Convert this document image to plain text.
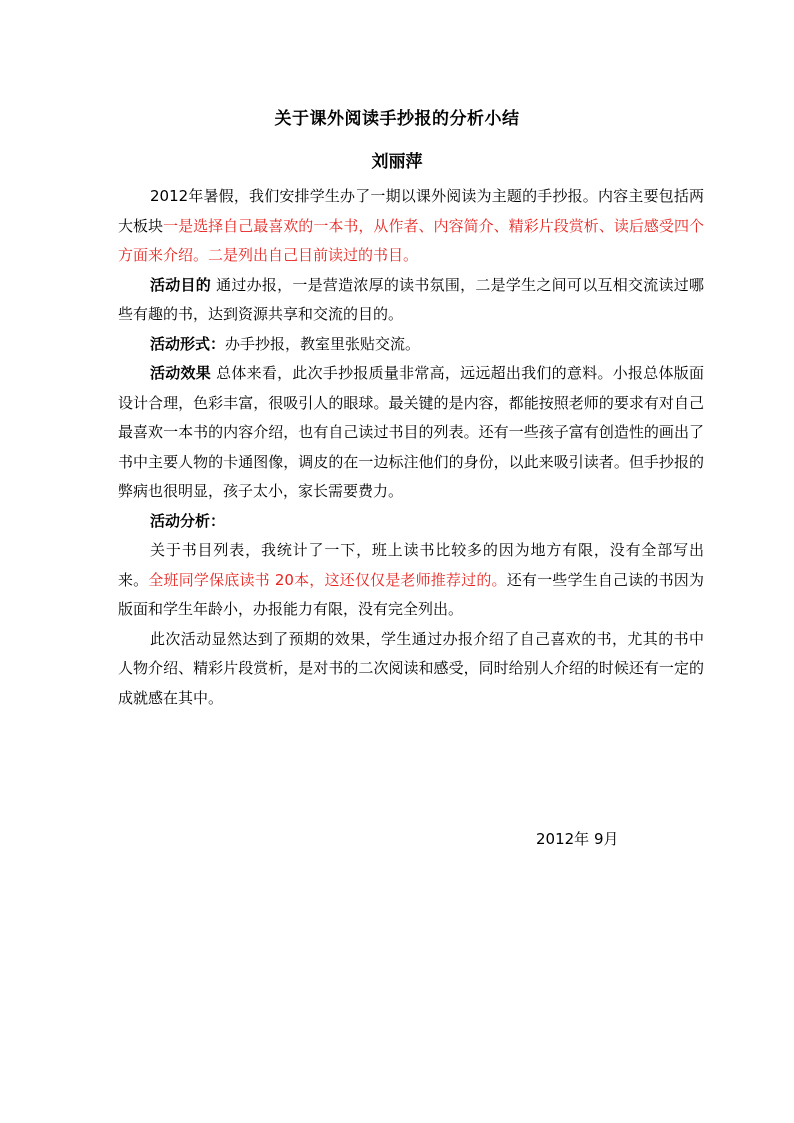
关于课外阅读手抄报的分析小结
刘丽萍

2012年暑假，我们安排学生办了一期以课外阅读为主题的手抄报。内容主要包括两大板块一是选择自己最喜欢的一本书，从作者、内容简介、精彩片段赏析、读后感受四个方面来介绍。二是列出自己目前读过的书目。

活动目的 通过办报，一是营造浓厚的读书氛围，二是学生之间可以互相交流读过哪些有趣的书，达到资源共享和交流的目的。

活动形式：办手抄报，教室里张贴交流。

活动效果 总体来看，此次手抄报质量非常高，远远超出我们的意料。小报总体版面设计合理，色彩丰富，很吸引人的眼球。最关键的是内容，都能按照老师的要求有对自己最喜欢一本书的内容介绍，也有自己读过书目的列表。还有一些孩子富有创造性的画出了书中主要人物的卡通图像，调皮的在一边标注他们的身份，以此来吸引读者。但手抄报的弊病也很明显，孩子太小，家长需要费力。

活动分析：

关于书目列表，我统计了一下，班上读书比较多的因为地方有限，没有全部写出来。全班同学保底读书 20本，这还仅仅是老师推荐过的。还有一些学生自己读的书因为版面和学生年龄小，办报能力有限，没有完全列出。

此次活动显然达到了预期的效果，学生通过办报介绍了自己喜欢的书，尤其的书中人物介绍、精彩片段赏析，是对书的二次阅读和感受，同时给别人介绍的时候还有一定的成就感在其中。

2012年 9月
